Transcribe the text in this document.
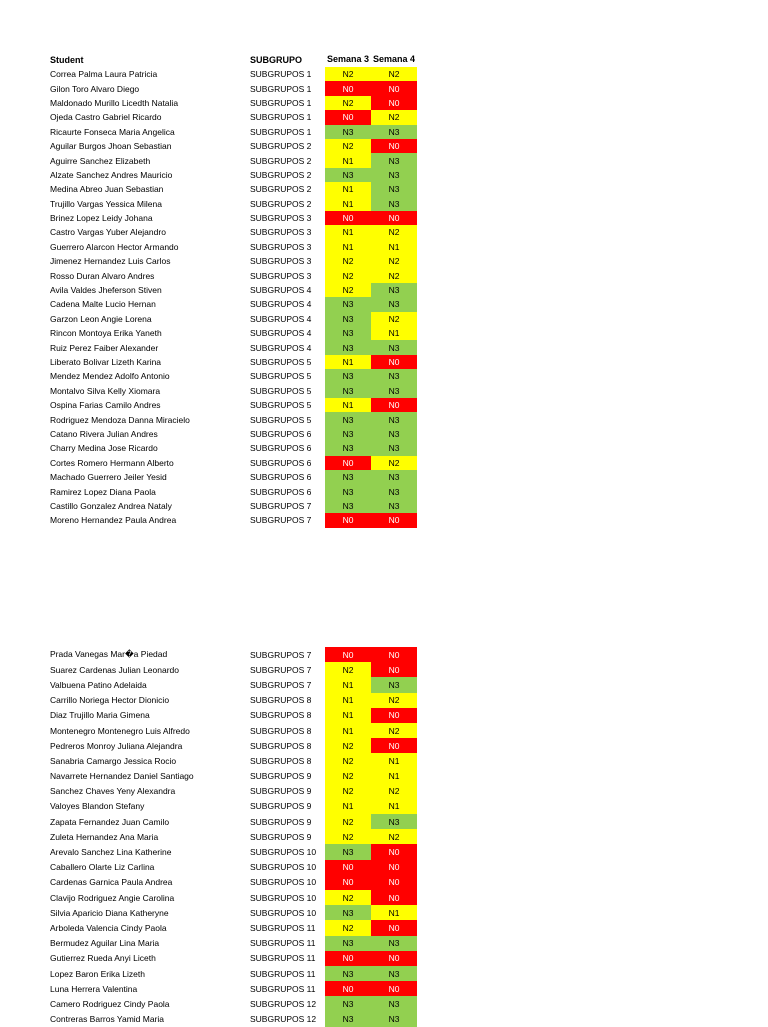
Student	SUBGRUPO	Semana 3 Semana 4
Correa Palma Laura Patricia	SUBGRUPOS 1	N2	N2
Gilon Toro Alvaro Diego	SUBGRUPOS 1	N0	N0
Maldonado Murillo Licedth Natalia	SUBGRUPOS 1	N2	N0
Ojeda Castro Gabriel Ricardo	SUBGRUPOS 1	N0	N2
Ricaurte Fonseca Maria Angelica	SUBGRUPOS 1	N3	N3
Aguilar Burgos Jhoan Sebastian	SUBGRUPOS 2	N2	N0
Aguirre Sanchez Elizabeth	SUBGRUPOS 2	N1	N3
Alzate Sanchez Andres Mauricio	SUBGRUPOS 2	N3	N3
Medina Abreo Juan Sebastian	SUBGRUPOS 2	N1	N3
Trujillo Vargas Yessica Milena	SUBGRUPOS 2	N1	N3
Brinez Lopez Leidy Johana	SUBGRUPOS 3	N0	N0
Castro Vargas Yuber Alejandro	SUBGRUPOS 3	N1	N2
Guerrero Alarcon Hector Armando	SUBGRUPOS 3	N1	N1
Jimenez Hernandez Luis Carlos	SUBGRUPOS 3	N2	N2
Rosso Duran Alvaro Andres	SUBGRUPOS 3	N2	N2
Avila Valdes Jheferson Stiven	SUBGRUPOS 4	N2	N3
Cadena Malte Lucio Hernan	SUBGRUPOS 4	N3	N3
Garzon Leon Angie Lorena	SUBGRUPOS 4	N3	N2
Rincon Montoya Erika Yaneth	SUBGRUPOS 4	N3	N1
Ruiz Perez Faiber Alexander	SUBGRUPOS 4	N3	N3
Liberato Bolivar Lizeth Karina	SUBGRUPOS 5	N1	N0
Mendez Mendez Adolfo Antonio	SUBGRUPOS 5	N3	N3
Montalvo Silva Kelly Xiomara	SUBGRUPOS 5	N3	N3
Ospina Farias Camilo Andres	SUBGRUPOS 5	N1	N0
Rodriguez Mendoza Danna Miracielo	SUBGRUPOS 5	N3	N3
Catano Rivera Julian Andres	SUBGRUPOS 6	N3	N3
Charry Medina Jose Ricardo	SUBGRUPOS 6	N3	N3
Cortes Romero Hermann Alberto	SUBGRUPOS 6	N0	N2
Machado Guerrero Jeiler Yesid	SUBGRUPOS 6	N3	N3
Ramirez Lopez Diana Paola	SUBGRUPOS 6	N3	N3
Castillo Gonzalez Andrea Nataly	SUBGRUPOS 7	N3	N3
Moreno Hernandez Paula Andrea	SUBGRUPOS 7	N0	N0
Prada Vanegas Mar�a Piedad	SUBGRUPOS 7	N0	N0
Suarez Cardenas Julian Leonardo	SUBGRUPOS 7	N2	N0
Valbuena Patino Adelaida	SUBGRUPOS 7	N1	N3
Carrillo Noriega Hector Dionicio	SUBGRUPOS 8	N1	N2
Diaz Trujillo Maria Gimena	SUBGRUPOS 8	N1	N0
Montenegro Montenegro Luis Alfredo	SUBGRUPOS 8	N1	N2
Pedreros Monroy Juliana Alejandra	SUBGRUPOS 8	N2	N0
Sanabria Camargo Jessica Rocio	SUBGRUPOS 8	N2	N1
Navarrete Hernandez Daniel Santiago	SUBGRUPOS 9	N2	N1
Sanchez Chaves Yeny Alexandra	SUBGRUPOS 9	N2	N2
Valoyes Blandon Stefany	SUBGRUPOS 9	N1	N1
Zapata Fernandez Juan Camilo	SUBGRUPOS 9	N2	N3
Zuleta Hernandez Ana Maria	SUBGRUPOS 9	N2	N2
Arevalo Sanchez Lina Katherine	SUBGRUPOS 10	N3	N0
Caballero Olarte Liz Carlina	SUBGRUPOS 10	N0	N0
Cardenas Garnica Paula Andrea	SUBGRUPOS 10	N0	N0
Clavijo Rodriguez Angie Carolina	SUBGRUPOS 10	N2	N0
Silvia Aparicio Diana Katheryne	SUBGRUPOS 10	N3	N1
Arboleda Valencia Cindy Paola	SUBGRUPOS 11	N2	N0
Bermudez Aguilar Lina Maria	SUBGRUPOS 11	N3	N3
Gutierrez Rueda Anyi Liceth	SUBGRUPOS 11	N0	N0
Lopez Baron Erika Lizeth	SUBGRUPOS 11	N3	N3
Luna Herrera Valentina	SUBGRUPOS 11	N0	N0
Camero Rodriguez Cindy Paola	SUBGRUPOS 12	N3	N3
Contreras Barros Yamid Maria	SUBGRUPOS 12	N3	N3
